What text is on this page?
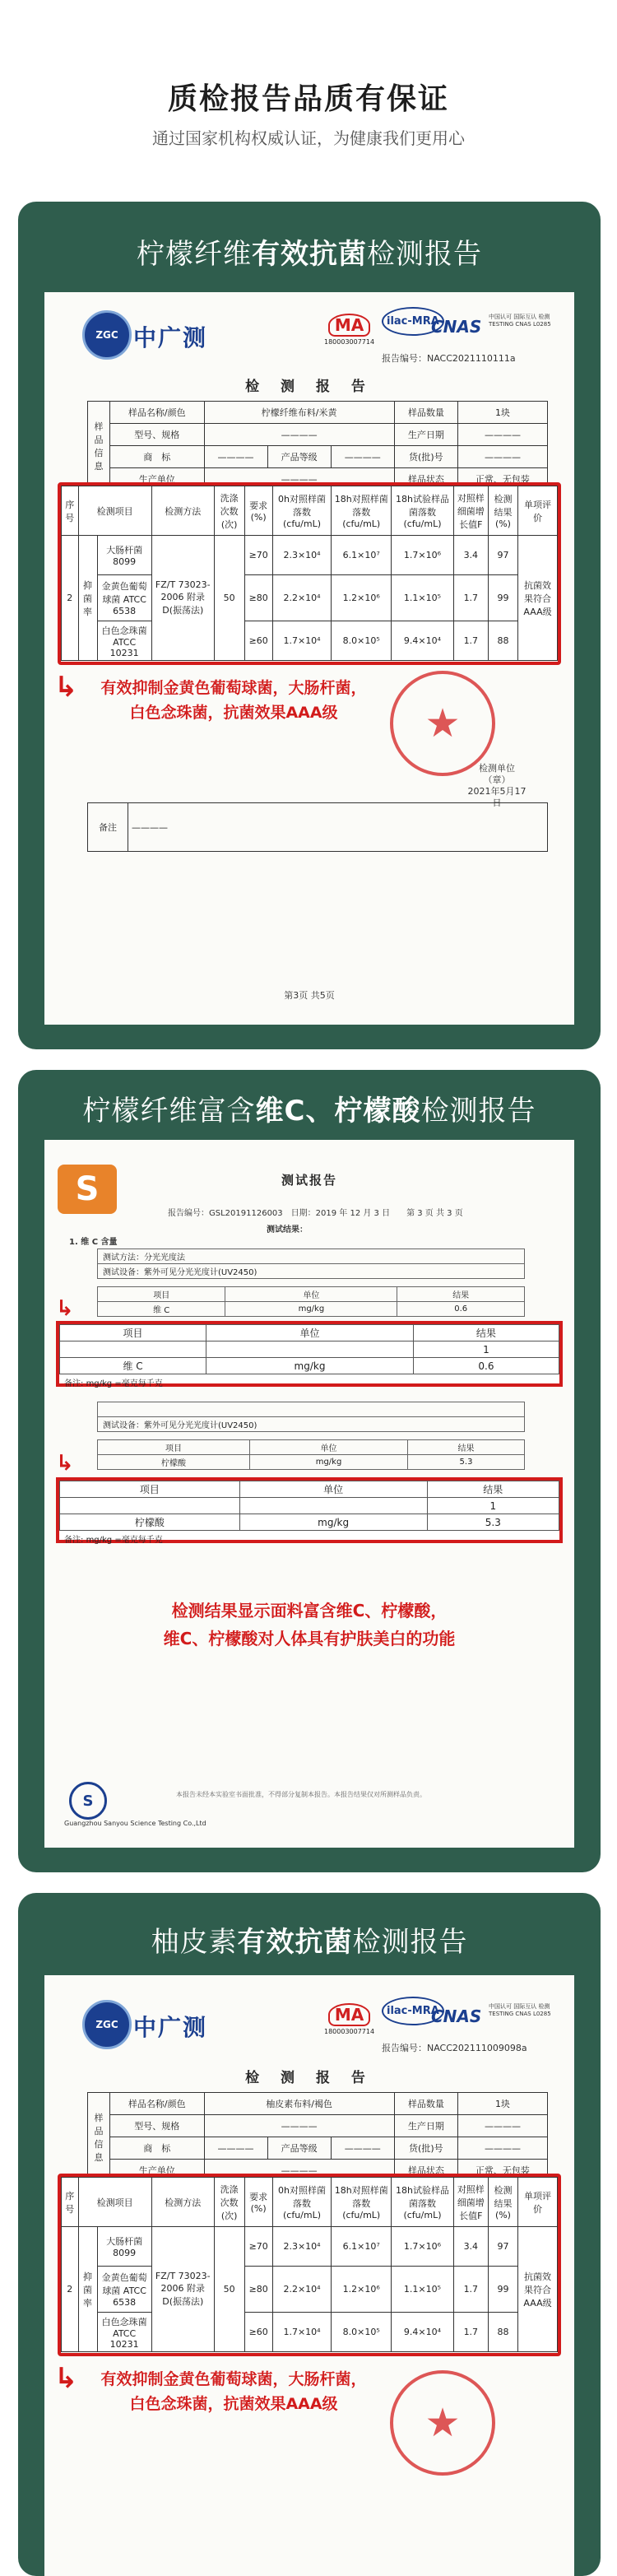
质检报告品质有保证
通过国家机构权威认证，为健康我们更用心
柠檬纤维有效抗菌检测报告
ZGC 中广测	MA
180003007714
ilac-MRA
CNAS 中国认可 国际互认 检测 TESTING CNAS L0285
报告编号：NACC2021110111a
检 测 报 告
样品信息	样品名称/颜色	柠檬纤维布料/米黄			样品数量	1块
	型号、规格	————			生产日期	————
	商　标	————	产品等级	————	货(批)号	————
	生产单位	————			样品状态	正常、无包装
序号	检测项目		检测方法	洗涤次数(次)	要求(%)	0h对照样菌落数(cfu/mL)	18h对照样菌落数(cfu/mL)	18h试验样品菌落数(cfu/mL)	对照样细菌增长值F	检测结果(%)	单项评价
2	抑菌率	大肠杆菌 8099	FZ/T 73023-2006 附录D(振荡法)	50	≥70	2.3×10⁴	6.1×10⁷	1.7×10⁶	3.4	97	抗菌效果符合AAA级
		金黄色葡萄球菌 ATCC 6538			≥80	2.2×10⁴	1.2×10⁶	1.1×10⁵	1.7	99	
		白色念珠菌 ATCC 10231			≥60	1.7×10⁴	8.0×10⁵	9.4×10⁴	1.7	88	
↳	有效抑制金黄色葡萄球菌，大肠杆菌，
白色念珠菌，抗菌效果AAA级	★
检测单位
（章）
2021年5月17日
备注	————
第3页 共5页
柠檬纤维富含维C、柠檬酸检测报告
S	测试报告
报告编号：GSL20191126003　日期：2019 年 12 月 3 日　　第 3 页 共 3 页
测试结果：
1. 维 C 含量
测试方法：分光光度法
测试设备：紫外可见分光光度计(UV2450)
项目	单位	结果
维 C	mg/kg	0.6
↳
项目	单位	结果
		1
维 C	mg/kg	0.6
备注: mg/kg =毫克每千克

测试设备：紫外可见分光光度计(UV2450)
项目	单位	结果
柠檬酸	mg/kg	5.3
↳
项目	单位	结果
		1
柠檬酸	mg/kg	5.3
备注: mg/kg =毫克每千克
检测结果显示面料富含维C、柠檬酸，
维C、柠檬酸对人体具有护肤美白的功能
S
Guangzhou Sanyou Science Testing Co.,Ltd
本报告未经本实验室书面批准，不得部分复制本报告。本报告结果仅对所测样品负责。
柚皮素有效抗菌检测报告
ZGC 中广测	MA
180003007714
ilac-MRA
CNAS 中国认可 国际互认 检测 TESTING CNAS L0285
报告编号：NACC202111009098a
检 测 报 告
样品信息	样品名称/颜色	柚皮素布料/褐色			样品数量	1块
	型号、规格	————			生产日期	————
	商　标	————	产品等级	————	货(批)号	————
	生产单位	————			样品状态	正常、无包装
序号	检测项目		检测方法	洗涤次数(次)	要求(%)	0h对照样菌落数(cfu/mL)	18h对照样菌落数(cfu/mL)	18h试验样品菌落数(cfu/mL)	对照样细菌增长值F	检测结果(%)	单项评价
2	抑菌率	大肠杆菌 8099	FZ/T 73023-2006 附录D(振荡法)	50	≥70	2.3×10⁴	6.1×10⁷	1.7×10⁶	3.4	97	抗菌效果符合AAA级
		金黄色葡萄球菌 ATCC 6538			≥80	2.2×10⁴	1.2×10⁶	1.1×10⁵	1.7	99	
		白色念珠菌 ATCC 10231			≥60	1.7×10⁴	8.0×10⁵	9.4×10⁴	1.7	88	
↳	有效抑制金黄色葡萄球菌，大肠杆菌，
白色念珠菌，抗菌效果AAA级	★
